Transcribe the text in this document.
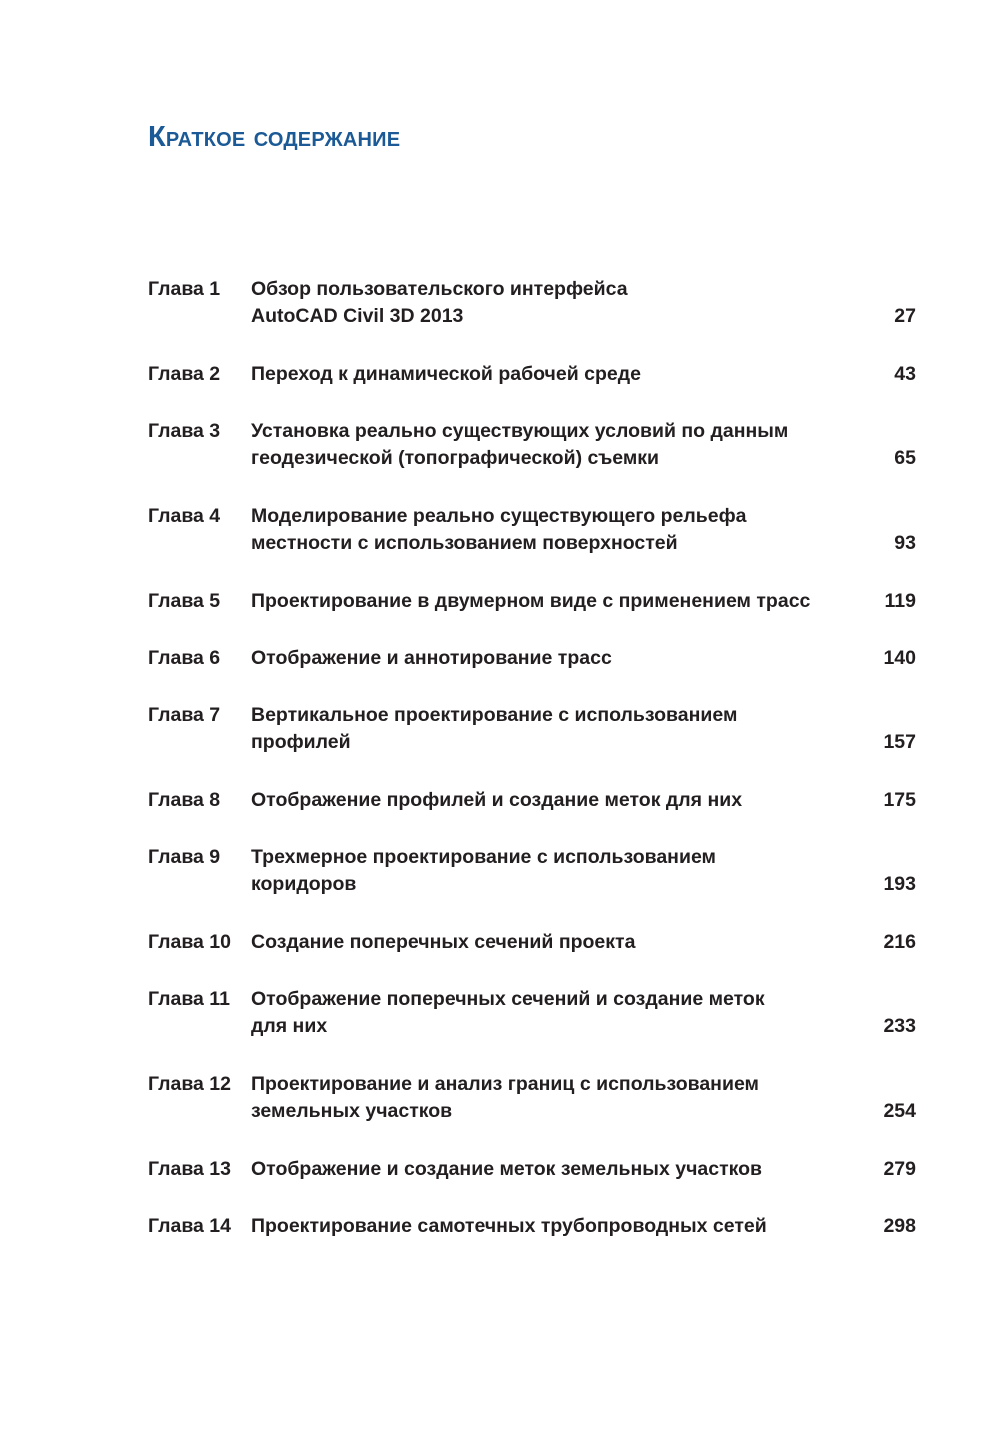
Краткое содержание
Глава 1 Обзор пользовательского интерфейса
AutoCAD Civil 3D 2013	27
Глава 2 Переход к динамической рабочей среде	43
Глава 3 Установка реально существующих условий по данным
геодезической (топографической) съемки	65
Глава 4 Моделирование реально существующего рельефа
местности с использованием поверхностей	93
Глава 5 Проектирование в двумерном виде с применением трасс	119
Глава 6 Отображение и аннотирование трасс	140
Глава 7 Вертикальное проектирование с использованием
профилей	157
Глава 8 Отображение профилей и создание меток для них	175
Глава 9 Трехмерное проектирование с использованием
коридоров	193
Глава 10 Создание поперечных сечений проекта	216
Глава 11 Отображение поперечных сечений и создание меток
для них	233
Глава 12 Проектирование и анализ границ с использованием
земельных участков	254
Глава 13 Отображение и создание меток земельных участков	279
Глава 14 Проектирование самотечных трубопроводных сетей	298
